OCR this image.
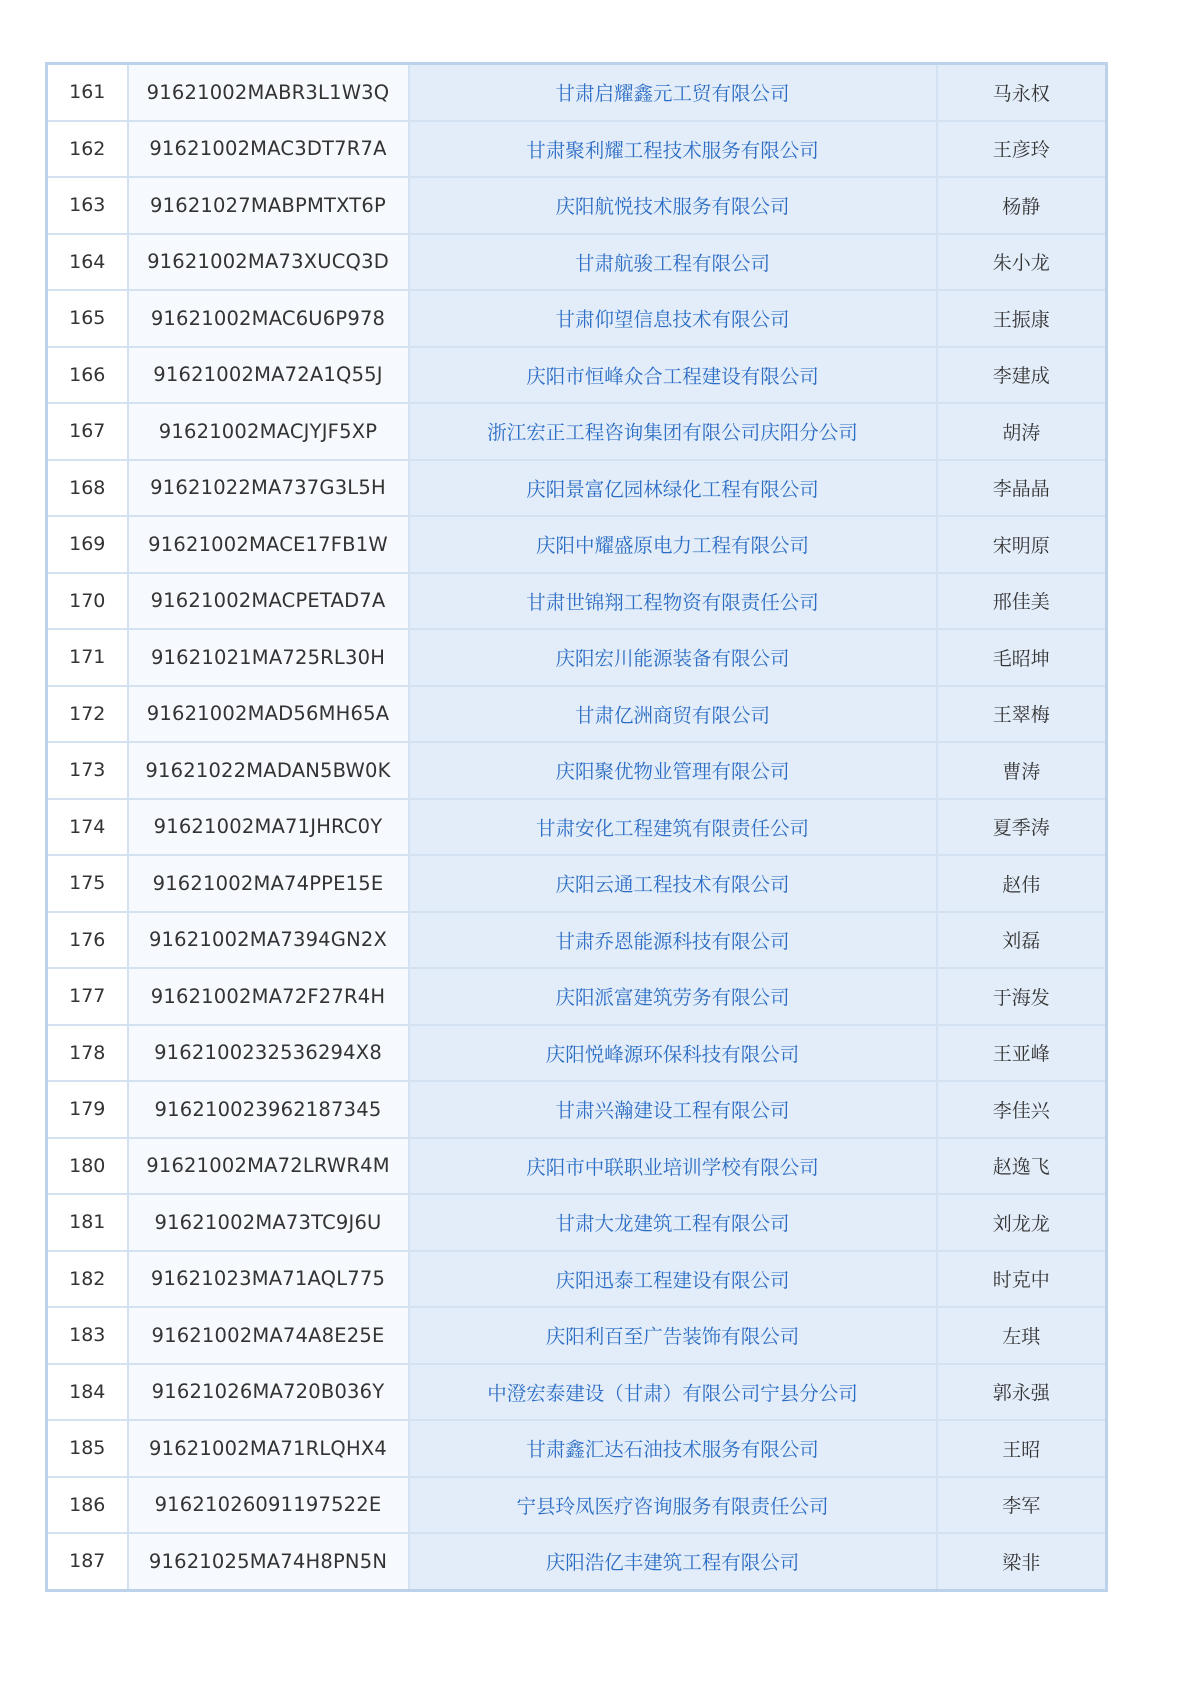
161	91621002MABR3L1W3Q	甘肃启耀鑫元工贸有限公司	马永权
162	91621002MAC3DT7R7A	甘肃聚利耀工程技术服务有限公司	王彦玲
163	91621027MABPMTXT6P	庆阳航悦技术服务有限公司	杨静
164	91621002MA73XUCQ3D	甘肃航骏工程有限公司	朱小龙
165	91621002MAC6U6P978	甘肃仰望信息技术有限公司	王振康
166	91621002MA72A1Q55J	庆阳市恒峰众合工程建设有限公司	李建成
167	91621002MACJYJF5XP	浙江宏正工程咨询集团有限公司庆阳分公司	胡涛
168	91621022MA737G3L5H	庆阳景富亿园林绿化工程有限公司	李晶晶
169	91621002MACE17FB1W	庆阳中耀盛原电力工程有限公司	宋明原
170	91621002MACPETAD7A	甘肃世锦翔工程物资有限责任公司	邢佳美
171	91621021MA725RL30H	庆阳宏川能源装备有限公司	毛昭坤
172	91621002MAD56MH65A	甘肃亿洲商贸有限公司	王翠梅
173	91621022MADAN5BW0K	庆阳聚优物业管理有限公司	曹涛
174	91621002MA71JHRC0Y	甘肃安化工程建筑有限责任公司	夏季涛
175	91621002MA74PPE15E	庆阳云通工程技术有限公司	赵伟
176	91621002MA7394GN2X	甘肃乔恩能源科技有限公司	刘磊
177	91621002MA72F27R4H	庆阳派富建筑劳务有限公司	于海发
178	916210023253629​4X8	庆阳悦峰源环保科技有限公司	王亚峰
179	916210023962187345	甘肃兴瀚建设工程有限公司	李佳兴
180	91621002MA72LRWR4M	庆阳市中联职业培训学校有限公司	赵逸飞
181	91621002MA73TC9J6U	甘肃大龙建筑工程有限公司	刘龙龙
182	91621023MA71AQL775	庆阳迅泰工程建设有限公司	时克中
183	91621002MA74A8E25E	庆阳利百至广告装饰有限公司	左琪
184	91621026MA720B036Y	中澄宏泰建设（甘肃）有限公司宁县分公司	郭永强
185	91621002MA71RLQHX4	甘肃鑫汇达石油技术服务有限公司	王昭
186	91621026091197522E	宁县玲凤医疗咨询服务有限责任公司	李军
187	91621025MA74H8PN5N	庆阳浩亿丰建筑工程有限公司	梁非
